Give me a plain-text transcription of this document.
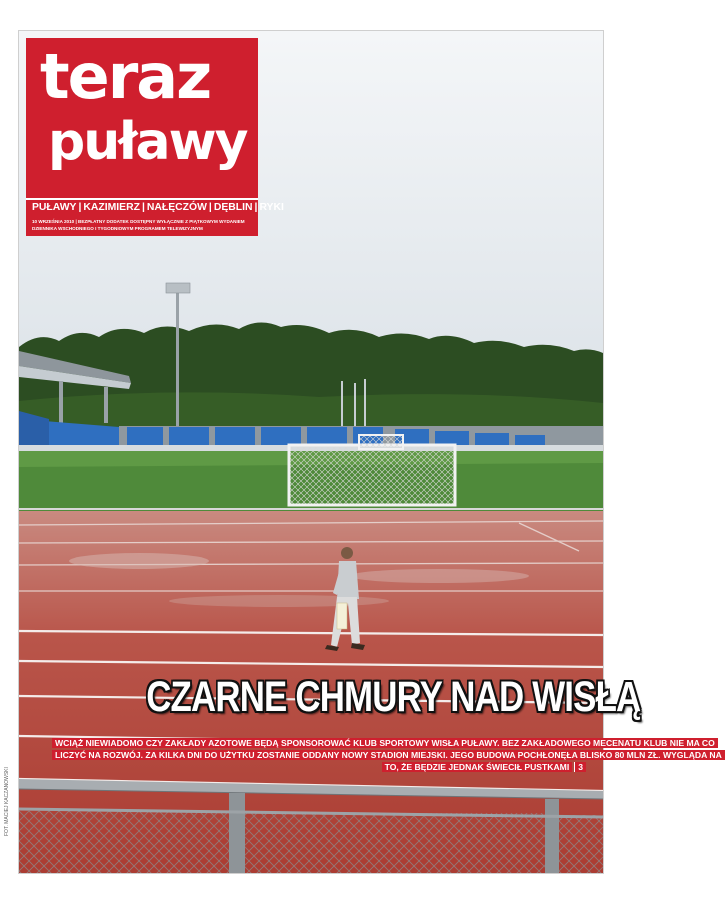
teraz
puławy
PUŁAWY | KAZIMIERZ | NAŁĘCZÓW | DĘBLIN | RYKI
10 WRZEŚNIA 2010 | BEZPŁATNY DODATEK DOSTĘPNY WYŁĄCZNIE Z PIĄTKOWYM WYDANIEM
DZIENNIKA WSCHODNIEGO I TYGODNIOWYM PROGRAMEM TELEWIZYJNYM
CZARNE CHMURY NAD WISŁĄ
WCIĄŻ NIEWIADOMO CZY ZAKŁADY AZOTOWE BĘDĄ SPONSOROWAĆ KLUB SPORTOWY WISŁA PUŁAWY. BEZ ZAKŁADOWEGO MECENATU KLUB NIE MA CO
LICZYĆ NA ROZWÓJ. ZA KILKA DNI DO UŻYTKU ZOSTANIE ODDANY NOWY STADION MIEJSKI. JEGO BUDOWA POCHŁONĘŁA BLISKO 80 MLN ZŁ. WYGLĄDA NA
TO, ŻE BĘDZIE JEDNAK ŚWIECIŁ PUSTKAMI 3
FOT. MACIEJ KACZANOWSKI
